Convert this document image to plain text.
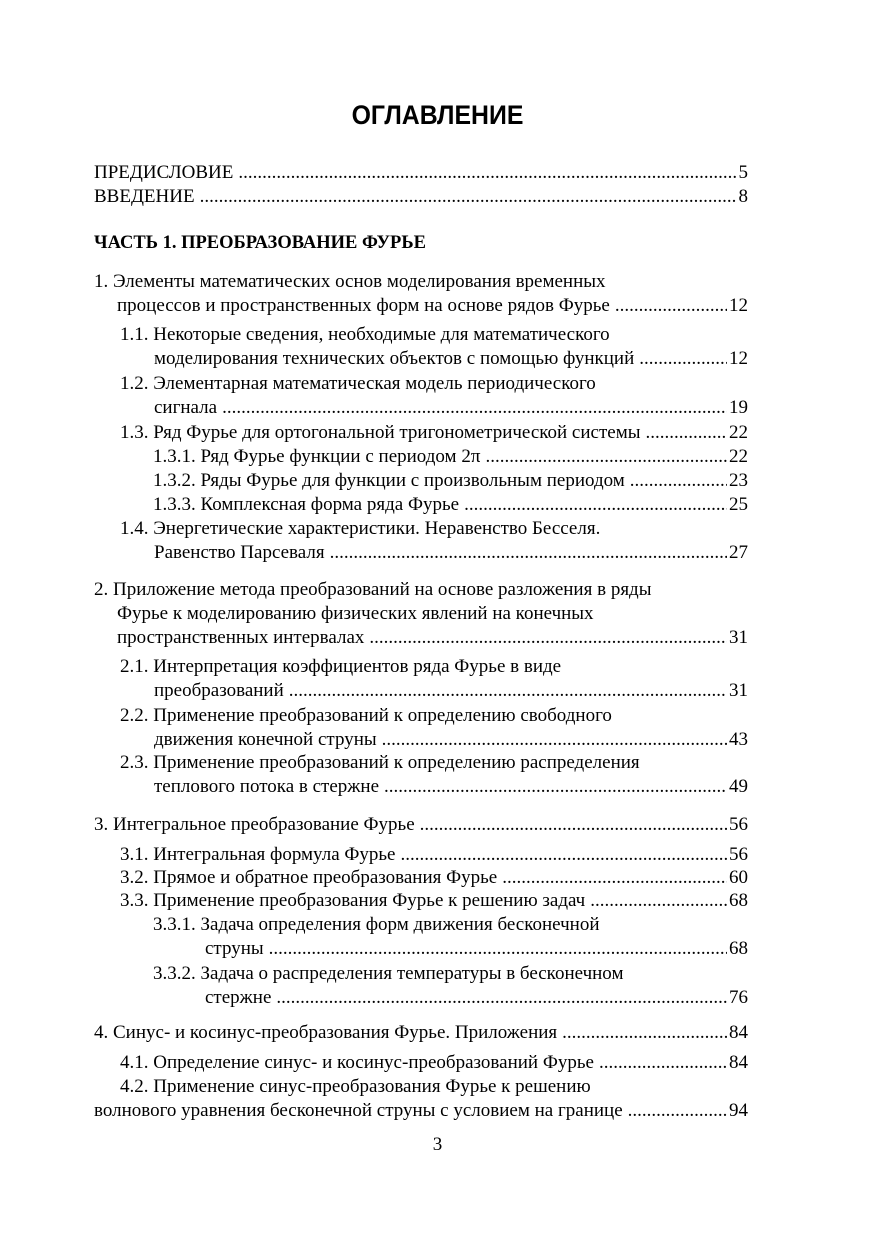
ОГЛАВЛЕНИЕ
ПРЕДИСЛОВИЕ .....	5
ВВЕДЕНИЕ .....	8
ЧАСТЬ 1. ПРЕОБРАЗОВАНИЕ ФУРЬЕ
1. Элементы математических основ моделирования временных
процессов и пространственных форм на основе рядов Фурье .....	12
1.1. Некоторые сведения, необходимые для математического
моделирования технических объектов с помощью функций .....	12
1.2. Элементарная математическая модель периодического
сигнала .....	19
1.3. Ряд Фурье для ортогональной тригонометрической системы .....	22
1.3.1. Ряд Фурье функции с периодом 2π .....	22
1.3.2. Ряды Фурье для функции с произвольным периодом .....	23
1.3.3. Комплексная форма ряда Фурье .....	25
1.4. Энергетические характеристики. Неравенство Бесселя.
Равенство Парсеваля .....	27
2. Приложение метода преобразований на основе разложения в ряды
Фурье к моделированию физических явлений на конечных
пространственных интервалах .....	31
2.1. Интерпретация коэффициентов ряда Фурье в виде
преобразований .....	31
2.2. Применение преобразований к определению свободного
движения конечной струны .....	43
2.3. Применение преобразований к определению распределения
теплового потока в стержне .....	49
3. Интегральное преобразование Фурье .....	56
3.1. Интегральная формула Фурье .....	56
3.2. Прямое и обратное преобразования Фурье .....	60
3.3. Применение преобразования Фурье к решению задач .....	68
3.3.1. Задача определения форм движения бесконечной
струны .....	68
3.3.2. Задача о распределения температуры в бесконечном
стержне .....	76
4. Синус- и косинус-преобразования Фурье. Приложения .....	84
4.1. Определение синус- и косинус-преобразований Фурье .....	84
4.2. Применение синус-преобразования Фурье к решению
волнового уравнения бесконечной струны с условием на границе .....	94
3
